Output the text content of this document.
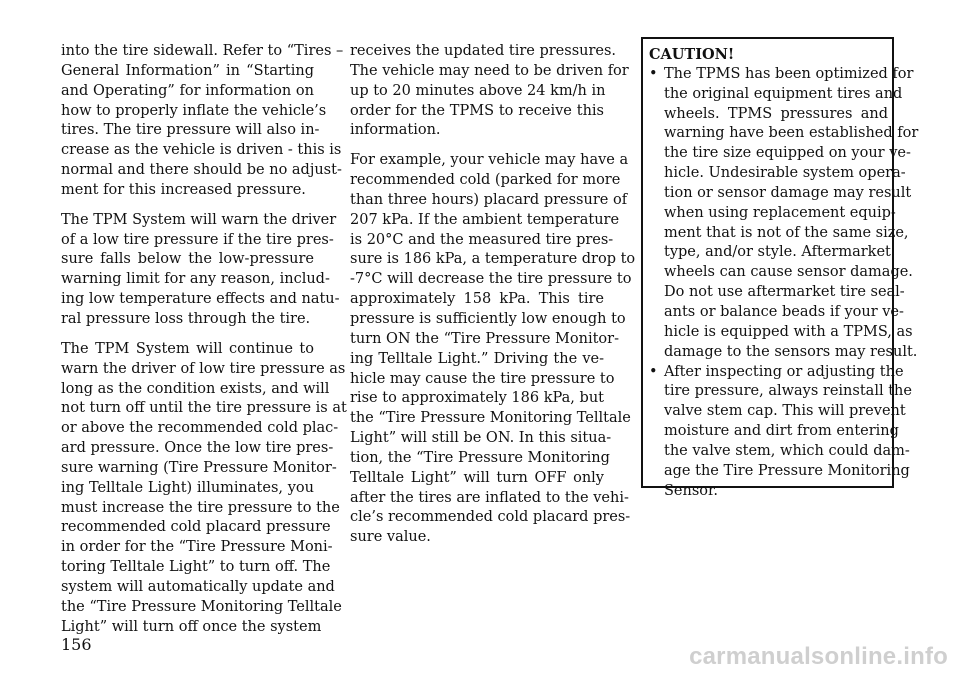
into the tire sidewall. Refer to “Tires –
General Information” in “Starting
and Operating” for information on
how to properly inflate the vehicle’s
tires. The tire pressure will also in-
crease as the vehicle is driven - this is
normal and there should be no adjust-
ment for this increased pressure.

The TPM System will warn the driver
of a low tire pressure if the tire pres-
sure falls below the low-pressure
warning limit for any reason, includ-
ing low temperature effects and natu-
ral pressure loss through the tire.

The TPM System will continue to
warn the driver of low tire pressure as
long as the condition exists, and will
not turn off until the tire pressure is at
or above the recommended cold plac-
ard pressure. Once the low tire pres-
sure warning (Tire Pressure Monitor-
ing Telltale Light) illuminates, you
must increase the tire pressure to the
recommended cold placard pressure
in order for the “Tire Pressure Moni-
toring Telltale Light” to turn off. The
system will automatically update and
the “Tire Pressure Monitoring Telltale
Light” will turn off once the system

receives the updated tire pressures.
The vehicle may need to be driven for
up to 20 minutes above 24 km/h in
order for the TPMS to receive this
information.

For example, your vehicle may have a
recommended cold (parked for more
than three hours) placard pressure of
207 kPa. If the ambient temperature
is 20°C and the measured tire pres-
sure is 186 kPa, a temperature drop to
-7°C will decrease the tire pressure to
approximately 158 kPa. This tire
pressure is sufficiently low enough to
turn ON the “Tire Pressure Monitor-
ing Telltale Light.” Driving the ve-
hicle may cause the tire pressure to
rise to approximately 186 kPa, but
the “Tire Pressure Monitoring Telltale
Light” will still be ON. In this situa-
tion, the “Tire Pressure Monitoring
Telltale Light” will turn OFF only
after the tires are inflated to the vehi-
cle’s recommended cold placard pres-
sure value.

CAUTION!
• The TPMS has been optimized for
the original equipment tires and
wheels. TPMS pressures and
warning have been established for
the tire size equipped on your ve-
hicle. Undesirable system opera-
tion or sensor damage may result
when using replacement equip-
ment that is not of the same size,
type, and/or style. Aftermarket
wheels can cause sensor damage.
Do not use aftermarket tire seal-
ants or balance beads if your ve-
hicle is equipped with a TPMS, as
damage to the sensors may result.
• After inspecting or adjusting the
tire pressure, always reinstall the
valve stem cap. This will prevent
moisture and dirt from entering
the valve stem, which could dam-
age the Tire Pressure Monitoring
Sensor.
156	carmanualsonline.info
